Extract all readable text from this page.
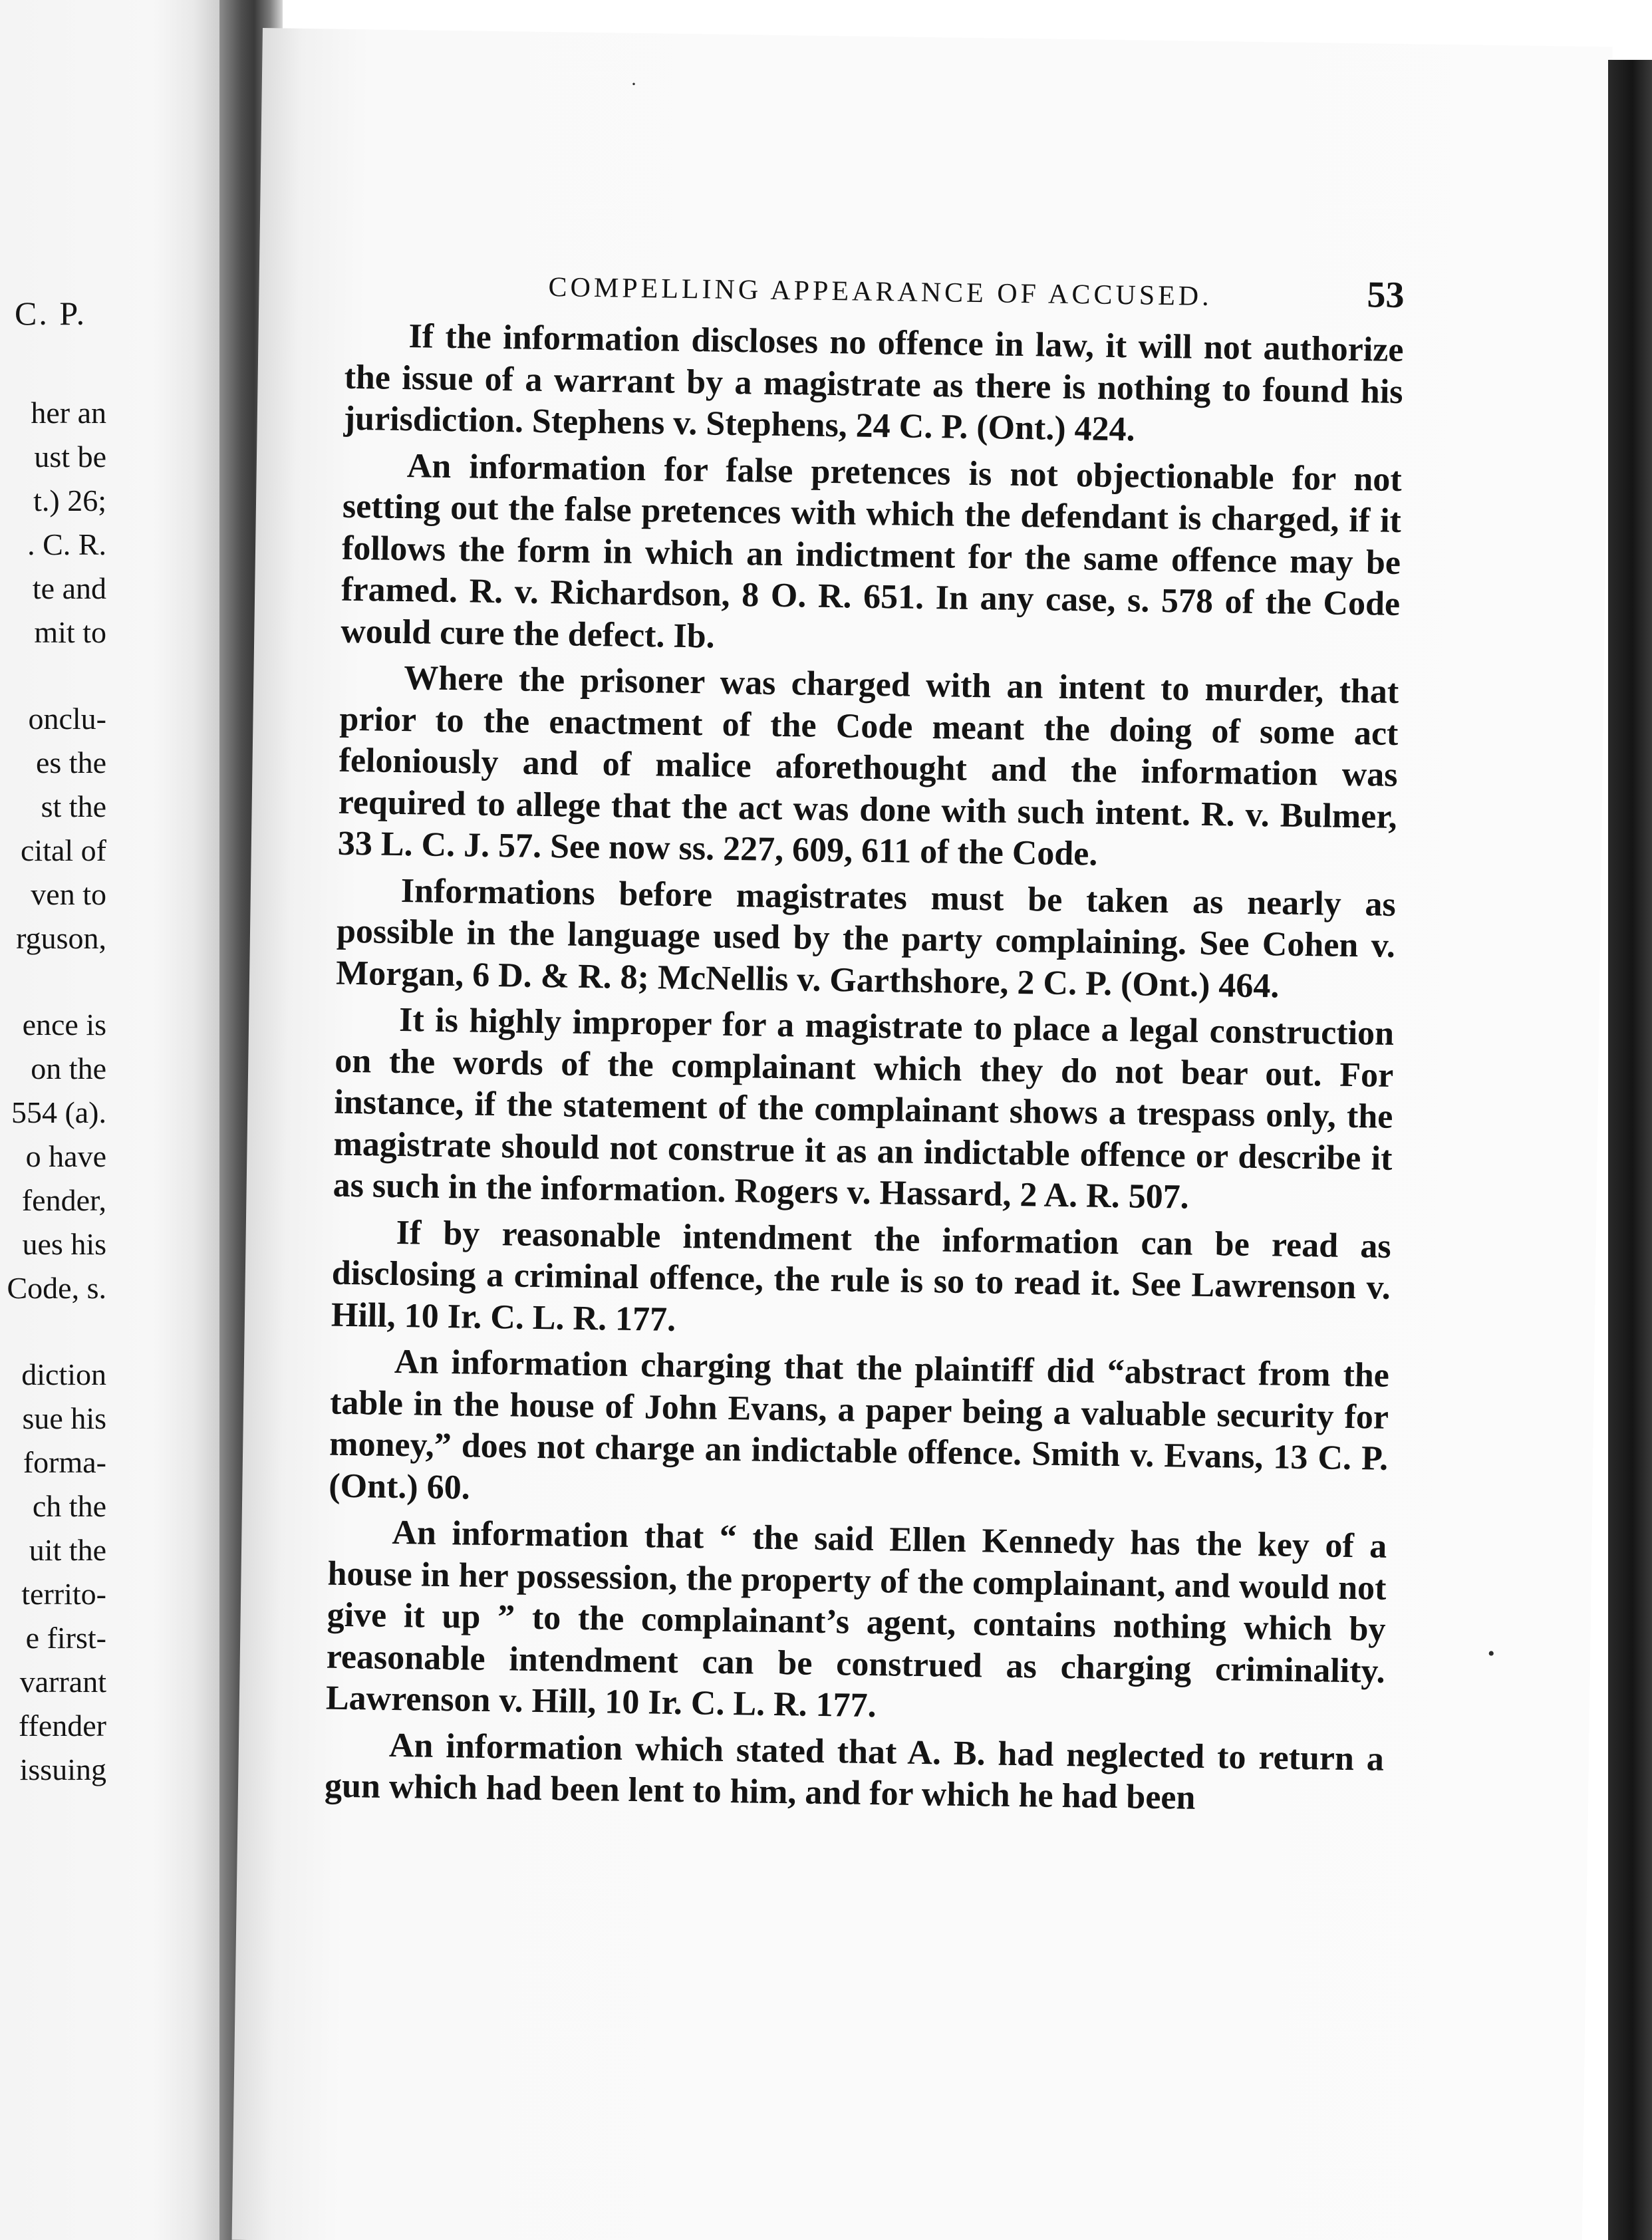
C. P.
her an
ust be
t.) 26;
. C. R.
te and
mit to
onclu-
es the
st the
cital of
ven to
rguson,
ence is
on the
554 (a).
o have
fender,
ues his
Code, s.
diction
sue his
forma-
ch the
uit the
territo-
e first-
varrant
ffender
issuing
COMPELLING APPEARANCE OF ACCUSED.	53

If the information discloses no offence in law, it will not authorize the issue of a warrant by a magistrate as there is nothing to found his jurisdiction. Stephens v. Stephens, 24 C. P. (Ont.) 424.

An information for false pretences is not objectionable for not setting out the false pretences with which the defendant is charged, if it follows the form in which an indictment for the same offence may be framed. R. v. Richardson, 8 O. R. 651. In any case, s. 578 of the Code would cure the defect. Ib.

Where the prisoner was charged with an intent to murder, that prior to the enactment of the Code meant the doing of some act feloniously and of malice aforethought and the information was required to allege that the act was done with such intent. R. v. Bulmer, 33 L. C. J. 57. See now ss. 227, 609, 611 of the Code.

Informations before magistrates must be taken as nearly as possible in the language used by the party complaining. See Cohen v. Morgan, 6 D. & R. 8; McNellis v. Garthshore, 2 C. P. (Ont.) 464.

It is highly improper for a magistrate to place a legal construction on the words of the complainant which they do not bear out. For instance, if the statement of the complainant shows a trespass only, the magistrate should not construe it as an indictable offence or describe it as such in the information. Rogers v. Hassard, 2 A. R. 507.

If by reasonable intendment the information can be read as disclosing a criminal offence, the rule is so to read it. See Lawrenson v. Hill, 10 Ir. C. L. R. 177.

An information charging that the plaintiff did “abstract from the table in the house of John Evans, a paper being a valuable security for money,” does not charge an indictable offence. Smith v. Evans, 13 C. P. (Ont.) 60.

An information that “ the said Ellen Kennedy has the key of a house in her possession, the property of the complainant, and would not give it up ” to the complainant’s agent, contains nothing which by reasonable intendment can be construed as charging criminality. Lawrenson v. Hill, 10 Ir. C. L. R. 177.

An information which stated that A. B. had neglected to return a gun which had been lent to him, and for which he had been

•
·
